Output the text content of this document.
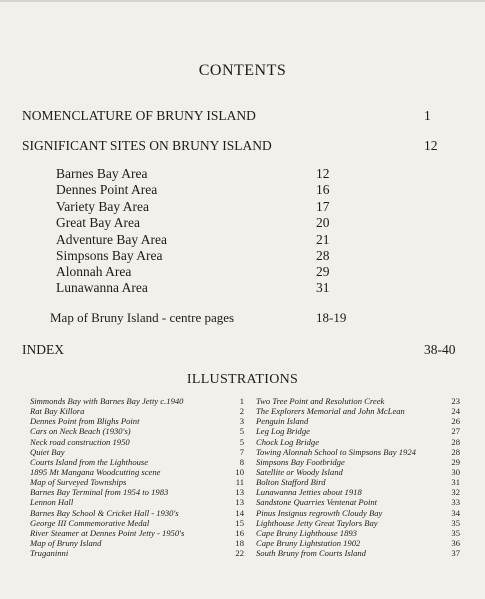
CONTENTS
NOMENCLATURE OF BRUNY ISLAND	1
SIGNIFICANT SITES ON BRUNY ISLAND	12
Barnes Bay Area	12
Dennes Point Area	16
Variety Bay Area	17
Great Bay Area	20
Adventure Bay Area	21
Simpsons Bay Area	28
Alonnah Area	29
Lunawanna Area	31
Map of Bruny Island - centre pages	18-19
INDEX	38-40
ILLUSTRATIONS
Simmonds Bay with Barnes Bay Jetty c.1940	1
Rat Bay Killora	2
Dennes Point from Blighs Point	3
Cars on Neck Beach (1930's)	5
Neck road construction 1950	5
Quiet Bay	7
Courts Island from the Lighthouse	8
1895 Mt Mangana Woodcutting scene	10
Map of Surveyed Townships	11
Barnes Bay Terminal from 1954 to 1983	13
Lennon Hall	13
Barnes Bay School & Cricket Hall - 1930's	14
George III Commemorative Medal	15
River Steamer at Dennes Point Jetty - 1950's	16
Map of Bruny Island	18
Truganinni	22
Two Tree Point and Resolution Creek	23
The Explorers Memorial and John McLean	24
Penguin Island	26
Leg Log Bridge	27
Chock Log Bridge	28
Towing Alonnah School to Simpsons Bay 1924	28
Simpsons Bay Footbridge	29
Satellite or Woody Island	30
Bolton Stafford Bird	31
Lunawanna Jetties about 1918	32
Sandstone Quarries Ventenat Point	33
Pinus Insignus regrowth Cloudy Bay	34
Lighthouse Jetty Great Taylors Bay	35
Cape Bruny Lighthouse 1893	35
Cape Bruny Lightstation 1902	36
South Bruny from Courts Island	37
